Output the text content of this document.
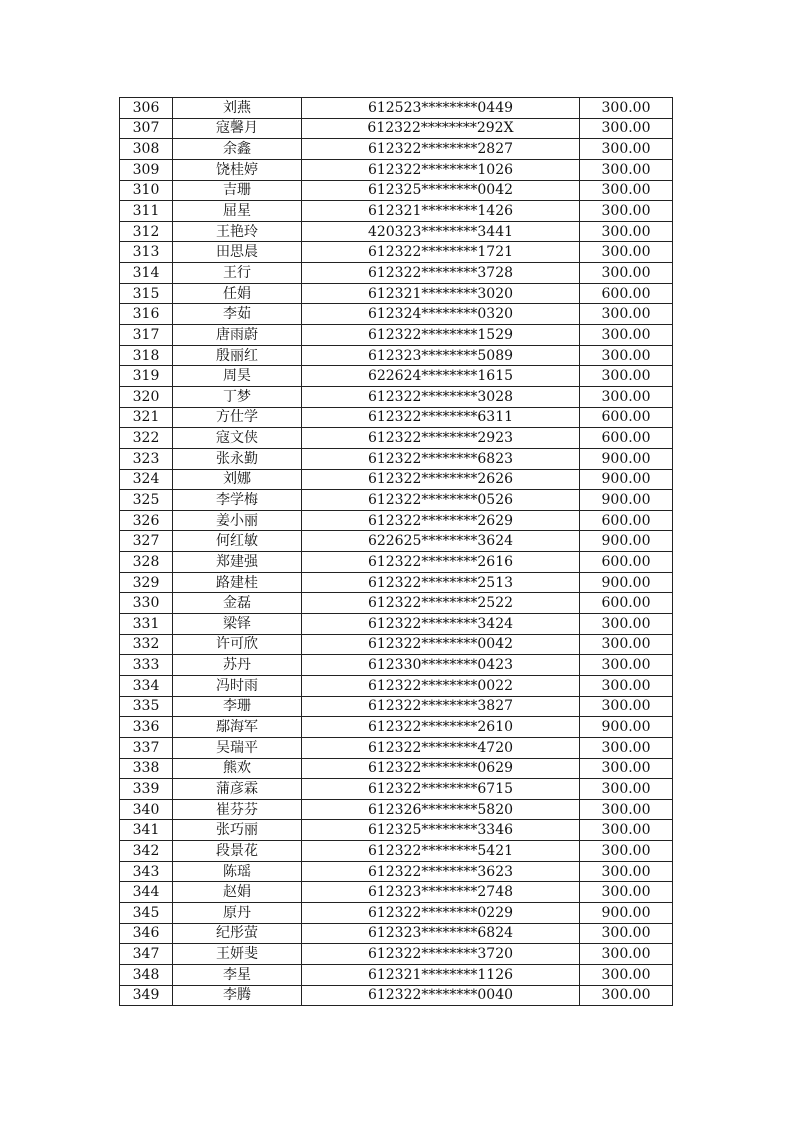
306	刘燕	612523********0449	300.00
307	寇馨月	612322********292X	300.00
308	余鑫	612322********2827	300.00
309	饶桂婷	612322********1026	300.00
310	吉珊	612325********0042	300.00
311	屈星	612321********1426	300.00
312	王艳玲	420323********3441	300.00
313	田思晨	612322********1721	300.00
314	王行	612322********3728	300.00
315	任娟	612321********3020	600.00
316	李茹	612324********0320	300.00
317	唐雨蔚	612322********1529	300.00
318	殷丽红	612323********5089	300.00
319	周昊	622624********1615	300.00
320	丁梦	612322********3028	300.00
321	方仕学	612322********6311	600.00
322	寇文侠	612322********2923	600.00
323	张永勤	612322********6823	900.00
324	刘娜	612322********2626	900.00
325	李学梅	612322********0526	900.00
326	姜小丽	612322********2629	600.00
327	何红敏	622625********3624	900.00
328	郑建强	612322********2616	600.00
329	路建桂	612322********2513	900.00
330	金磊	612322********2522	600.00
331	梁铎	612322********3424	300.00
332	许可欣	612322********0042	300.00
333	苏丹	612330********0423	300.00
334	冯时雨	612322********0022	300.00
335	李珊	612322********3827	300.00
336	鄢海军	612322********2610	900.00
337	吴瑞平	612322********4720	300.00
338	熊欢	612322********0629	300.00
339	蒲彦霖	612322********6715	300.00
340	崔芬芬	612326********5820	300.00
341	张巧丽	612325********3346	300.00
342	段景花	612322********5421	300.00
343	陈瑶	612322********3623	300.00
344	赵娟	612323********2748	300.00
345	原丹	612322********0229	900.00
346	纪彤萤	612323********6824	300.00
347	王妍斐	612322********3720	300.00
348	李星	612321********1126	300.00
349	李腾	612322********0040	300.00
